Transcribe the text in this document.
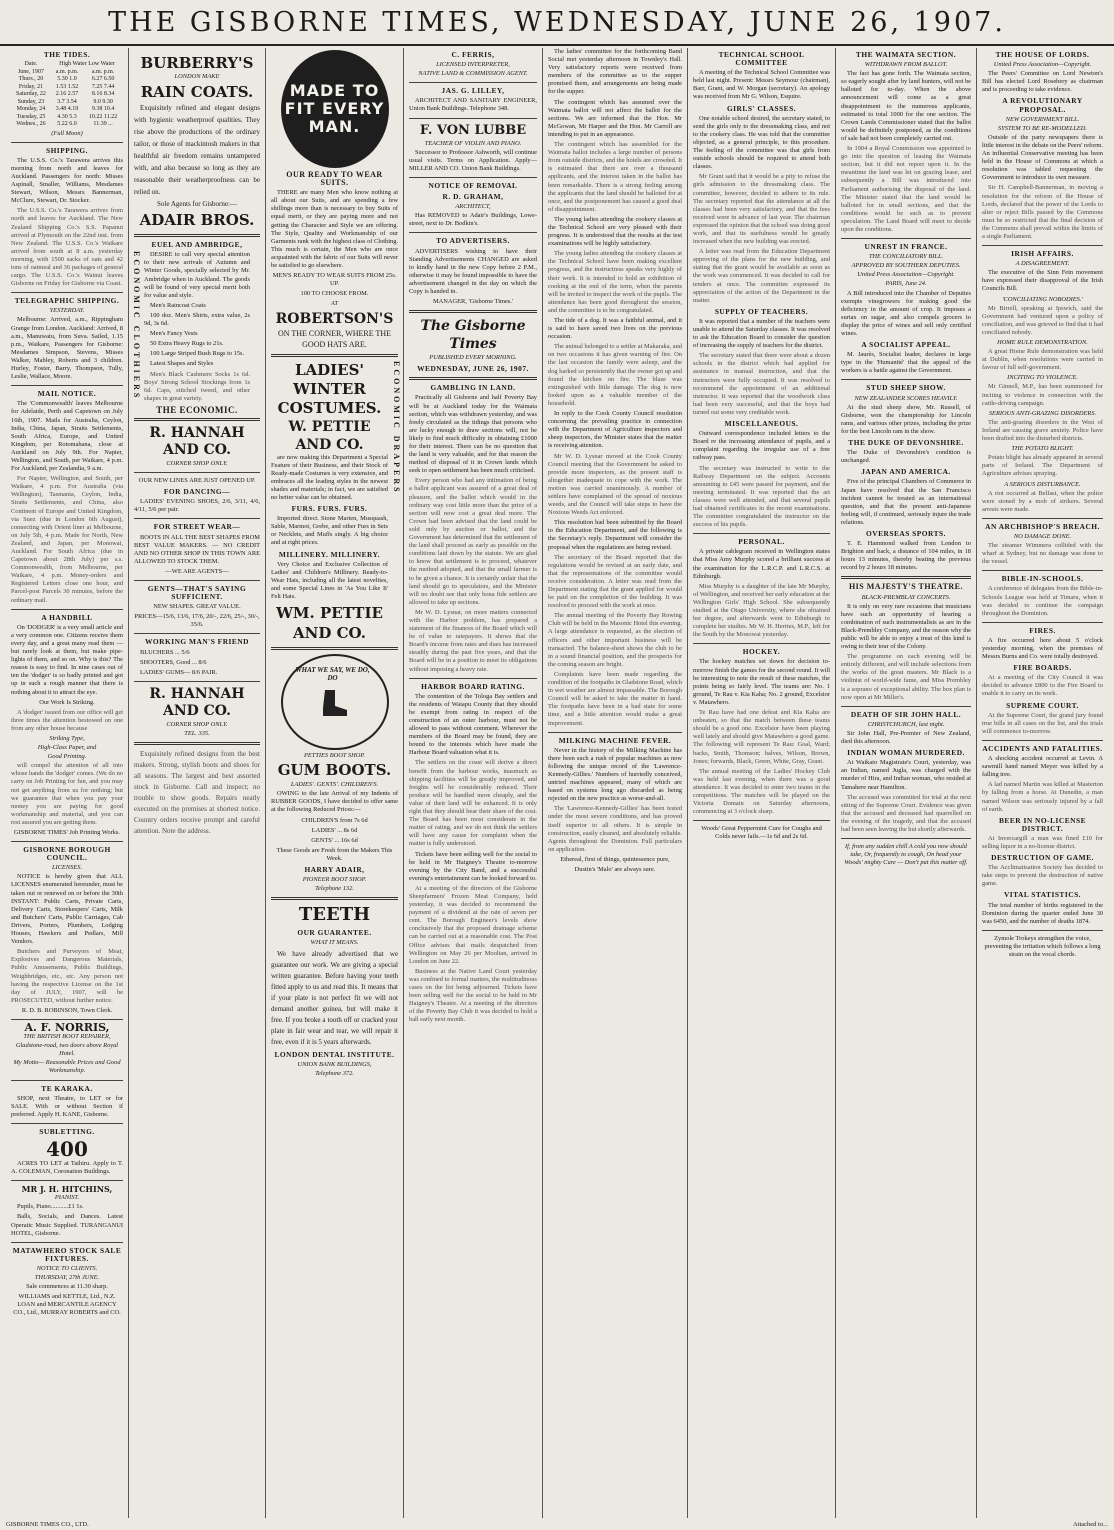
THE GISBORNE TIMES, WEDNESDAY, JUNE 26, 1907.
THE TIDES.
Date.	High Water Low Water	
June, 1907	a.m. p.m.	a.m. p.m.
Thurs., 20	5.30 1.0	6.27 6.50
Friday, 21	1.53 1.52	7.25 7.44
Saturday, 22	2.16 2.57	8.16 8.34
Sunday, 23	3.7 3.54	9.0 9.30
Monday, 24	3.48 4.19	9.38 10.4
Tuesday, 25	4.30 5.3	10.22 11.22
Wednes., 26	5.22 6.0	11.39 ...
(Full Moon)
SHIPPING.

The U.S.S. Co.'s Tarawera arrives this morning from north and leaves for Auckland. Passengers for north: Misses Aspinall, Smaller, Williams, Mesdames Stewart, Wilson, Messrs Bannerman, McClure, Stewart, Dr. Stocker.

The U.S.S. Co.'s Tarawera arrives from north and leaves for Auckland. The New Zealand Shipping Co.'s S.S. Papanui arrived at Plymouth on the 22nd inst. from New Zealand. The U.S.S. Co.'s Waikare arrived from south at 8 a.m. yesterday morning, with 1500 sacks of oats and 42 tons of oatmeal and 36 packages of general cargo. The U.S.S. Co.'s Wainui leaves Gisborne on Friday for Gisborne via Coast.

TELEGRAPHIC SHIPPING.
YESTERDAY.

Melbourne: Arrived, a.m., Rippingham Grange from London. Auckland: Arrived, 8 a.m., Manuwatu, from Suva. Sailed, 1.15 p.m., Waikare, Passengers for Gisborne: Mesdames Simpson, Stevens, Misses Walker, Mabley, Roberts and 3 children. Hurley, Foster, Barry, Thompson, Tully, Leslie, Wallace, Moore.

MAIL NOTICE.

The 'Commonwealth' leaves Melbourne for Adelaide, Perth and Capetown on July 16th, 1907. Mails for Australia, Ceylon, India, China, Japan, Straits Settlements, South Africa, Europe, and United Kingdom, per Rotomahana, close at Auckland on July 9th. For Napier, Wellington, and South, per Waikare, 4 p.m. For Auckland, per Zealandia, 9 a.m.

For Napier, Wellington, and South, per Waikare, 4 p.m. For Australia (via Wellington), Tasmania, Ceylon, India, Straits Settlements, and China, also Continent of Europe and United Kingdom, via Suez (due in London 6th August), connecting with Orient liner at Melbourne, on July 5th, 4 p.m. Made for North, New Zealand, and Japan, per Monowai, Auckland. For South Africa (due in Capetown about 28th July) per s.s. Commonwealth, from Melbourne, per Waikare, 4 p.m. Money-orders and Registered Letters close one hour, and Parcel-post Parcels 30 minutes, before the ordinary mail.

A HANDBILL

On 'DODGER' is a very small article and a very common one. Citizens receive them every day, and a great many read them — but rarely look at them, but make pipe-lights of them, and so on. Why is this? The reason is easy to find. In nine cases out of ten the 'dodger' is so badly printed and got up in such a rough manner that there is nothing about it to attract the eye.

Our Work Is Striking.

A 'dodger' issued from our office will get three times the attention bestowed on one from any other house because

Striking Type,
High-Class Paper, and
Good Printing.

will compel the attention of all into whose hands the 'dodger' comes. (We do no carry on Job Printing for fun, and you may not get anything from us for nothing; but we guarantee that when you pay your money you are paying for good workmanship and material, and you can rest assured you are getting them.

GISBORNE TIMES' Job Printing Works.

GISBORNE BOROUGH COUNCIL.
LICENSES.

NOTICE is hereby given that ALL LICENSES enumerated hereunder, must be taken out or renewed on or before the 30th INSTANT: Public Carts, Private Carts, Delivery Carts, Storekeepers' Carts, Milk and Butchers' Carts, Public Carriages, Cab Drivers, Porters, Plumbers, Lodging Houses, Hawkers and Pedlars, Mill Vendors.

Butchers and Purveyors of Meat, Explosives and Dangerous Materials, Public Amusements, Public Buildings, Weighbridges, etc., etc. Any person not having the respective License on the 1st day of JULY, 1907, will be PROSECUTED, without further notice.

R. D. B. ROBINSON, Town Clerk.

A. F. NORRIS,
THE BRITISH BOOT REPAIRER,
Gladstone-road, two doors above Royal Hotel.
My Motto— Reasonable Prices and Good Workmanship.
TE KARAKA.

SHOP, next Theatre, to LET or for SALE. With or without Section if preferred. Apply H. KANE, Gisborne.

SUBLETTING.
400

ACRES TO LET at Taihiru. Apply to T. A. COLEMAN, Coronation Buildings.

MR J. H. HITCHINS,
PIANIST.

Pupils, Piano...........£1 1s.

Balls, Socials, and Dances. Latest Operatic Music Supplied. TURANGANUI HOTEL, Gisborne.

MATAWHERO STOCK SALE FIXTURES.
NOTICE TO CLIENTS.
THURSDAY, 27th JUNE.

Sale commences at 11.30 sharp.

WILLIAMS and KETTLE, Ltd., N.Z. LOAN and MERCANTILE AGENCY CO., Ltd., MURRAY ROBERTS and CO.

BURBERRY'S
LONDON MAKE
RAIN COATS.

Exquisitely refined and elegant designs with hygienic weatherproof qualities. They rise above the productions of the ordinary tailor, or those of mackintosh makers in that healthful air freedom remains untampered with, and also because so long as they are reasonable their weatherproofness can be relied on.

Sole Agents for Gisborne:—

ADAIR BROS.
EUEL AND AMBRIDGE,
ECONOMIC CLOTHIERS	DESIRE to call very special attention to their new arrivals of Autumn and Winter Goods, specially selected by Mr. Ambridge when in Auckland. The goods will be found of very special merit both for value and style.

Men's Raincoat Coats

100 doz. Men's Shirts, extra value, 2s 9d, 3s 6d.

Men's Fancy Vests

50 Extra Heavy Rugs to 21s.

100 Large Striped Bush Rugs to 15s.

Latest Shapes and Styles

Men's Black Cashmere Socks 1s 6d. Boys' Strong School Stockings from 1s 6d. Caps, stitched tweed, and other shapes in great variety.

THE ECONOMIC.
R. HANNAH AND CO.
CORNER SHOP ONLY.

OUR NEW LINES ARE JUST OPENED UP.

FOR DANCING—

LADIES' EVENING SHOES, 2/6, 3/11, 4/6, 4/11, 5/6 per pair.

FOR STREET WEAR—

BOOTS IN ALL THE BEST SHAPES FROM BEST VALUE MAKERS. — NO CREDIT AND NO OTHER SHOP IN THIS TOWN ARE ALLOWED TO STOCK THEM.

—WE ARE AGENTS—

GENTS—THAT'S SAYING SUFFICIENT.

NEW SHAPES. GREAT VALUE.

PRICES—15/6, 13/6, 17/6, 20/-, 22/6, 25/-, 30/-, 35/6.

WORKING MAN'S FRIEND

BLUCHERS ... 5/6

SHOOTERS, Good ... 8/6

LADIES' GUMS— 8/6 PAIR.

R. HANNAH AND CO.
CORNER SHOP ONLY.
TEL. 335.

Exquisitely refined designs from the best makers. Strong, stylish boots and shoes for all seasons. The largest and best assorted stock in Gisborne. Call and inspect; no trouble to show goods. Repairs neatly executed on the premises at shortest notice. Country orders receive prompt and careful attention. Note the address.

MADE TO FIT EVERY MAN.
OUR READY TO WEAR SUITS.

THERE are many Men who know nothing at all about our Suits, and are spending a few shillings more than is necessary to buy Suits of equal merit, or they are paying more and not getting the Character and Style we are offering. The Style, Quality and Workmanship of our Garments rank with the highest class of Clothing. This much is certain, the Men who are once acquainted with the fabric of our Suits will never be satisfied to go elsewhere.

MEN'S READY TO WEAR SUITS FROM 25s. UP.

100 TO CHOOSE FROM.

AT
ROBERTSON'S

ON THE CORNER, WHERE THE GOOD HATS ARE.

ECONOMIC DRAPERS
LADIES' WINTER COSTUMES.
W. PETTIE AND CO.

are now making this Department a Special Feature of their Business, and their Stock of Ready-made Costumes is very extensive, and embraces all the leading styles in the newest shades and materials; in fact, we are satisfied no better value can be obtained.

FURS. FURS. FURS.

Imported direct. Stone Marten, Musquash, Sable, Marmot, Grebe, and other Furs in Sets or Necklets, and Muffs singly. A big choice and at right prices.

MILLINERY. MILLINERY.

Very Choice and Exclusive Collection of Ladies' and Children's Millinery. Ready-to-Wear Hats, including all the latest novelties, and some Special Lines in 'As You Like It' Felt Hats.

WM. PETTIE AND CO.
WHAT WE SAY, WE DO, DO
PETTIES BOOT SHOP.
GUM BOOTS.
LADIES'. GENTS'. CHILDREN'S.

OWING to the late Arrival of my Indents of RUBBER GOODS, I have decided to offer same at the following Reduced Prices:—

CHILDREN'S from 7s 6d

LADIES' ... 8s 6d

GENTS' ... 16s 6d

These Goods are Fresh from the Makers This Week.

HARRY ADAIR,
PIONEER BOOT SHOP.
Telephone 132.
TEETH
OUR GUARANTEE.
WHAT IT MEANS.

We have already advertised that we guarantee our work. We are giving a special written guarantee. Before having your teeth fitted apply to us and read this. It means that if your plate is not perfect fit we will not demand another guinea, but will make it free. If you broke a tooth off or cracked your plate in fair wear and tear, we will repair it free, even if it is 5 years afterwards.

LONDON DENTAL INSTITUTE.
UNION BANK BUILDINGS,
Telephone 372.
C. FERRIS,
LICENSED INTERPRETER,
NATIVE LAND & COMMISSION AGENT.
JAS. G. LILLEY,

ARCHITECT AND SANITARY ENGINEER, Union Bank Buildings. Telephone 348.

F. VON LUBBE
TEACHER OF VIOLIN AND PIANO.

Successor to Professor Ashworth, will continue usual visits. Terms on Application. Apply—MILLER AND CO. Union Bank Buildings.

NOTICE OF REMOVAL
R. D. GRAHAM,
ARCHITECT,

Has REMOVED to Adair's Buildings, Lowe-street, next to Dr. Bodkin's.

TO ADVERTISERS.

ADVERTISERS wishing to have their Standing Advertisements CHANGED are asked to kindly hand in the new Copy before 2 P.M., otherwise it may be found impossible to have the advertisement changed in the day on which the Copy is handed in.

MANAGER, 'Gisborne Times.'

The Gisborne Times
PUBLISHED EVERY MORNING.
WEDNESDAY, JUNE 26, 1907.
GAMBLING IN LAND.

Practically all Gisborne and half Poverty Bay will be at Auckland today for the Waimata section, which was withdrawn yesterday, and was freely circulated as the tidings that persons who are lucky enough to draw sections will, not be likely to find much difficulty in obtaining £1000 for their interest. There can be no question that the land is very valuable, and for that reason the method of disposal of it in Crown lands which seek to open settlement has been much criticised.

Every person who had any intimation of being a ballot applicant was assured of a great deal of pleasure, and the ballot which would in the ordinary way cost little more than the price of a section will now cost a great deal more. The Crown had been advised that the land could be sold only by auction or ballot, and the Government has determined that the settlement of the land shall proceed as early as possible on the conditions laid down by the statute. We are glad to know that settlement is to proceed, whatever the method adopted, and that the small farmer is to be given a chance. It is certainly unfair that the land should go to speculators, and the Minister will no doubt see that only bona fide settlers are allowed to take up sections.

Mr W. D. Lysnar, on more matters connected with the Harbor problem, has prepared a statement of the finances of the Board which will be of value to ratepayers. It shows that the Board's income from rates and dues has increased steadily during the past five years, and that the Board will be in a position to meet its obligations without imposing a heavy rate.

HARBOR BOARD RATING.

The contention of the Tologa Bay settlers and the residents of Waiapu County that they should be exempt from rating in respect of the construction of an outer harbour, must not be allowed to pass without comment. Wherever the members of the Board may be found, they are bound to the interests which have made the Harbour Board valuation what it is.

The settlers on the coast will derive a direct benefit from the harbour works, inasmuch as shipping facilities will be greatly improved, and freights will be considerably reduced. Their produce will be handled more cheaply, and the value of their land will be enhanced. It is only right that they should bear their share of the cost. The Board has been most considerate in the matter of rating, and we do not think the settlers will have any cause for complaint when the matter is fully understood.

Tickets have been selling well for the social to be held in Mr Haigney's Theatre to-morrow evening by the City Band, and a successful evening's entertainment can be looked forward to.

At a meeting of the directors of the Gisborne Sheepfarmers' Frozen Meat Company, held yesterday, it was decided to recommend the payment of a dividend at the rate of seven per cent. The Borough Engineer's levels show conclusively that the proposed drainage scheme can be carried out at a reasonable cost. The Post Office advises that mails despatched from Wellington on May 26 per Mooltan, arrived in London on June 22.

Business at the Native Land Court yesterday was confined to formal matters, the multitudinous cases on the list being adjourned. Tickets have been selling well for the social to be held in Mr Haigney's Theatre. At a meeting of the directors of the Poverty Bay Club it was decided to hold a ball early next month.

The ladies' committee for the forthcoming Band Social met yesterday afternoon in Townley's Hall. Very satisfactory reports were received from members of the committee as to the supper promised them, and arrangements are being made for the supper.

The contingent which has assumed over the Waimata ballot will not affect the ballot for the sections. We are informed that the Hon. Mr McGowan, Mr Harper and the Hon. Mr Carroll are intending to put in an appearance.

The contingent which has assembled for the Waimata ballot includes a large number of persons from outside districts, and the hotels are crowded. It is estimated that there are over a thousand applicants, and the interest taken in the ballot has been remarkable. There is a strong feeling among the applicants that the land should be balloted for at once, and the postponement has caused a good deal of disappointment.

The young ladies attending the cookery classes at the Technical School are very pleased with their progress. It is understood that the results at the test examinations will be highly satisfactory.

The young ladies attending the cookery classes at the Technical School have been making excellent progress, and the instructress speaks very highly of their work. It is intended to hold an exhibition of cooking at the end of the term, when the parents will be invited to inspect the work of the pupils. The attendance has been good throughout the session, and the committee is to be congratulated.

The tide of a dog. It was a faithful animal, and it is said to have saved two lives on the previous occasion.

The animal belonged to a settler at Makaraka, and on two occasions it has given warning of fire. On the last occasion the family were asleep, and the dog barked so persistently that the owner got up and found the kitchen on fire. The blaze was extinguished with little damage. The dog is now looked upon as a valuable member of the household.

In reply to the Cook County Council resolution concerning the prevailing practice in connection with the Department of Agriculture inspectors and sheep inspectors, the Minister states that the matter is receiving attention.

Mr W. D. Lysnar moved at the Cook County Council meeting that the Government be asked to provide more inspectors, as the present staff is altogether inadequate to cope with the work. The motion was carried unanimously. A number of settlers have complained of the spread of noxious weeds, and the Council will take steps to have the Noxious Weeds Act enforced.

This resolution had been submitted by the Board to the Education Department, and the following is the Secretary's reply. Department will consider the proposal when the regulations are being revised.

The secretary of the Board reported that the regulations would be revised at an early date, and that the representations of the committee would receive consideration. A letter was read from the Department stating that the grant applied for would be paid on the completion of the building. It was resolved to proceed with the work at once.

The annual meeting of the Poverty Bay Rowing Club will be held in the Masonic Hotel this evening. A large attendance is requested, as the election of officers and other important business will be transacted. The balance-sheet shows the club to be in a sound financial position, and the prospects for the coming season are bright.

Complaints have been made regarding the condition of the footpaths in Gladstone Road, which in wet weather are almost impassable. The Borough Council will be asked to take the matter in hand. The footpaths have been in a bad state for some time, and a little attention would make a great improvement.

MILKING MACHINE FEVER.

Never in the history of the Milking Machine has there been such a rush of popular machines as now following the unique record of the 'Lawrence-Kennedy-Gillies.' Numbers of hurriedly conceived, untried machines appeared, many of which are based on systems long ago discarded as being rejected on the new practice as worse-and-all.

The 'Lawrence-Kennedy-Gillies' has been tested under the most severe conditions, and has proved itself superior to all others. It is simple in construction, easily cleaned, and absolutely reliable. Agents throughout the Dominion. Full particulars on application.

Ethereal, first of things, quintessence pure,

Dustin's 'Malo' are always sure.

TECHNICAL SCHOOL COMMITTEE

A meeting of the Technical School Committee was held last night. Present: Messrs Seymour (chairman), Barr, Grant, and W. Morgan (secretary). An apology was received from Mr G. Wilson, Esquire.

GIRLS' CLASSES.

One notable school desired, the secretary stated, to send the girls only to the dressmaking class, and not to the cookery class. He was told that the committee objected, as a general principle, to this procedure. The feeling of the committee was that girls from outside schools should be required to attend both classes.

Mr Grant said that it would be a pity to refuse the girls admission to the dressmaking class. The committee, however, decided to adhere to its rule. The secretary reported that the attendance at all the classes had been very satisfactory, and that the fees received were in advance of last year. The chairman expressed the opinion that the school was doing good work, and that its usefulness would be greatly increased when the new building was erected.

A letter was read from the Education Department approving of the plans for the new building, and stating that the grant would be available as soon as the work was commenced. It was decided to call for tenders at once. The committee expressed its appreciation of the action of the Department in the matter.

SUPPLY OF TEACHERS.

It was reported that a number of the teachers were unable to attend the Saturday classes. It was resolved to ask the Education Board to consider the question of increasing the supply of teachers for the district.

The secretary stated that there were about a dozen schools in the district which had applied for assistance in manual instruction, and that the instructors were fully occupied. It was resolved to recommend the appointment of an additional instructor. It was reported that the woodwork class had been very successful, and that the boys had turned out some very creditable work.

MISCELLANEOUS.

Outward correspondence included letters to the Board re the increasing attendance of pupils, and a complaint regarding the irregular use of a free railway pass.

The secretary was instructed to write to the Railway Department on the subject. Accounts amounting to £45 were passed for payment, and the meeting terminated. It was reported that the art classes were well attended, and that several pupils had obtained certificates in the recent examinations. The committee congratulated the instructor on the success of his pupils.

PERSONAL.

A private cablegram received in Wellington states that Miss Amy Murphy scored a brilliant success at the examination for the L.R.C.P. and L.R.C.S. at Edinburgh.

Miss Murphy is a daughter of the late Mr Murphy, of Wellington, and received her early education at the Wellington Girls' High School. She subsequently studied at the Otago University, where she obtained her degree, and afterwards went to Edinburgh to complete her studies. Mr W. H. Herries, M.P., left for the South by the Monowai yesterday.

HOCKEY.

The hockey matches set down for decision to-morrow finish the games for the second round. It will be interesting to note the result of these matches, the points being so fairly level. The teams are: No. 1 ground, Te Rau v. Kia Kaha; No. 2 ground, Excelsior v. Matawhero.

Te Rau have had one defeat and Kia Kaha are unbeaten, so that the match between these teams should be a good one. Excelsior have been playing well lately and should give Matawhero a good game. The following will represent Te Rau: Goal, Ward; backs, Smith, Thomson; halves, Wilson, Brown, Jones; forwards, Black, Green, White, Gray, Grant.

The annual meeting of the Ladies' Hockey Club was held last evening, when there was a good attendance. It was decided to enter two teams in the competitions. The matches will be played on the Victoria Domain on Saturday afternoons, commencing at 3 o'clock sharp.

Woods' Great Peppermint Cure for Coughs and Colds never fails.—1s 6d and 2s 6d.

THE WAIMATA SECTION.
WITHDRAWN FROM BALLOT.

The fact has gone forth. The Waimata section, so eagerly sought after by land hunters, will not be balloted for to-day. When the above announcement will come as a great disappointment to the numerous applicants, estimated to total 1000 for the one section. The Crown Lands Commissioner stated that the ballot would be definitely postponed, as the conditions of sale had not been completely carried out.

In 1904 a Royal Commission was appointed to go into the question of leasing the Waimata section, but it did not report upon it. In the meantime the land was let on grazing lease, and subsequently a Bill was introduced into Parliament authorising the disposal of the land. The Minister stated that the land would be balloted for in small sections, and that the conditions would be such as to prevent speculation. The Land Board will meet to decide upon the conditions.

UNREST IN FRANCE.
THE CONCILIATORY BILL.
APPROVED BY SOUTHERN DEPUTIES.
United Press Association—Copyright.
PARIS, June 24.

A Bill introduced into the Chamber of Deputies exempts vinegrowers for making good the deficiency in the amount of crop. It imposes a surtax on sugar, and also compels grocers to display the price of wines and sell only certified wines.

A SOCIALIST APPEAL.

M. Jaurès, Socialist leader, declares in large type in the 'Humanité' that the appeal of the workers is a battle against the Government.

STUD SHEEP SHOW.
NEW ZEALANDER SCORES HEAVILY.

At the stud sheep show, Mr. Russell, of Gisborne, won the championship for Lincoln rams, and various other prizes, including the prize for the best Lincoln ram in the show.

THE DUKE OF DEVONSHIRE.

The Duke of Devonshire's condition is unchanged.

JAPAN AND AMERICA.

Five of the principal Chambers of Commerce in Japan have resolved that the San Francisco incident cannot be treated as an international question, and that the present anti-Japanese feeling will, if continued, seriously injure the trade relations.

OVERSEAS SPORTS.

T. E. Hammond walked from London to Brighton and back, a distance of 104 miles, in 18 hours 13 minutes, thereby beating the previous record by 2 hours 18 minutes.

HIS MAJESTY'S THEATRE.
BLACK-PREMBLAY CONCERTS.

It is only on very rare occasions that musicians have such an opportunity of hearing a combination of such instrumentalists as are in the Black-Prembley Company, and the reason why the public will be able to enjoy a treat of this kind is owing to their tour of the Colony.

The programme on each evening will be entirely different, and will include selections from the works of the great masters. Mr Black is a violinist of world-wide fame, and Miss Prembley is a soprano of exceptional ability. The box plan is now open at Mr Miller's.

DEATH OF SIR JOHN HALL.
CHRISTCHURCH, last night.

Sir John Hall, Pre-Premier of New Zealand, died this afternoon.

INDIAN WOMAN MURDERED.

At Waikato Magistrate's Court, yesterday, was an Indian, named Jugla, was charged with the murder of Hira, and Indian woman, who resided at Tamahere near Hamilton.

The accused was committed for trial at the next sitting of the Supreme Court. Evidence was given that the accused and deceased had quarrelled on the evening of the tragedy, and that the accused had been seen leaving the hut shortly afterwards.

If, from any sudden chill A cold you now should take, Or, frequently to cough, On head your Woods' mighty Cure — Don't put this matter off.

THE HOUSE OF LORDS.
United Press Association—Copyright.

The Peers' Committee on Lord Newton's Bill has elected Lord Rosebery as chairman and is proceeding to take evidence.

A REVOLUTIONARY PROPOSAL.
NEW GOVERNMENT BILL.
SYSTEM TO BE RE-MODELLED.

Outside of the party newspapers there is little interest in the debate on the Peers' reform. An influential Conservative meeting has been held in the House of Commons at which a resolution was tabled requesting the Government to introduce its own measure.

Sir H. Campbell-Bannerman, in moving a resolution for the reform of the House of Lords, declared that the power of the Lords to alter or reject Bills passed by the Commons must be so restricted that the final decision of the Commons shall prevail within the limits of a single Parliament.

IRISH AFFAIRS.
A DISAGREEMENT.

The executive of the Sinn Fein movement have expressed their disapproval of the Irish Councils Bill.

'CONCILIATING NOBODIES.'

Mr Birrell, speaking at Ipswich, said the Government had ventured upon a policy of conciliation, and was grieved to find that it had conciliated nobody.

HOME RULE DEMONSTRATION.

A great Home Rule demonstration was held at Dublin, when resolutions were carried in favour of full self-government.

INCITING TO VIOLENCE.

Mr Ginnell, M.P., has been summoned for inciting to violence in connection with the cattle-driving campaign.

SERIOUS ANTI-GRAZING DISORDERS.

The anti-grazing disorders in the West of Ireland are causing grave anxiety. Police have been drafted into the disturbed districts.

THE POTATO BLIGHT.

Potato blight has already appeared in several parts of Ireland. The Department of Agriculture advises spraying.

A SERIOUS DISTURBANCE.

A riot occurred at Belfast, when the police were stoned by a mob of strikers. Several arrests were made.

AN ARCHBISHOP'S BREACH.
NO DAMAGE DONE.

The steamer Wimmera collided with the wharf at Sydney, but no damage was done to the vessel.

BIBLE-IN-SCHOOLS.

A conference of delegates from the Bible-in-Schools League was held at Timaru, when it was decided to continue the campaign throughout the Dominion.

FIRES.

A fire occurred here about 5 o'clock yesterday morning, when the premises of Messrs Burns and Co. were totally destroyed.

FIRE BOARDS.

At a meeting of the City Council it was decided to advance £800 to the Fire Board to enable it to carry on its work.

SUPREME COURT.

At the Supreme Court, the grand jury found true bills in all cases on the list, and the trials will commence to-morrow.

ACCIDENTS AND FATALITIES.

A shocking accident occurred at Levin. A sawmill hand named Meyer was killed by a falling tree.

A lad named Martin was killed at Masterton by falling from a horse. At Dunedin, a man named Wilson was seriously injured by a fall of earth.

BEER IN NO-LICENSE DISTRICT.

At Invercargill a man was fined £10 for selling liquor in a no-license district.

DESTRUCTION OF GAME.

The Acclimatisation Society has decided to take steps to prevent the destruction of native game.

VITAL STATISTICS.

The total number of births registered in the Dominion during the quarter ended June 30 was 6450, and the number of deaths 1874.

Zymole Trokeys strengthen the voice, preventing the irritation which follows a long strain on the vocal chords.

GISBORNE TIMES CO., LTD.	Attached to...
